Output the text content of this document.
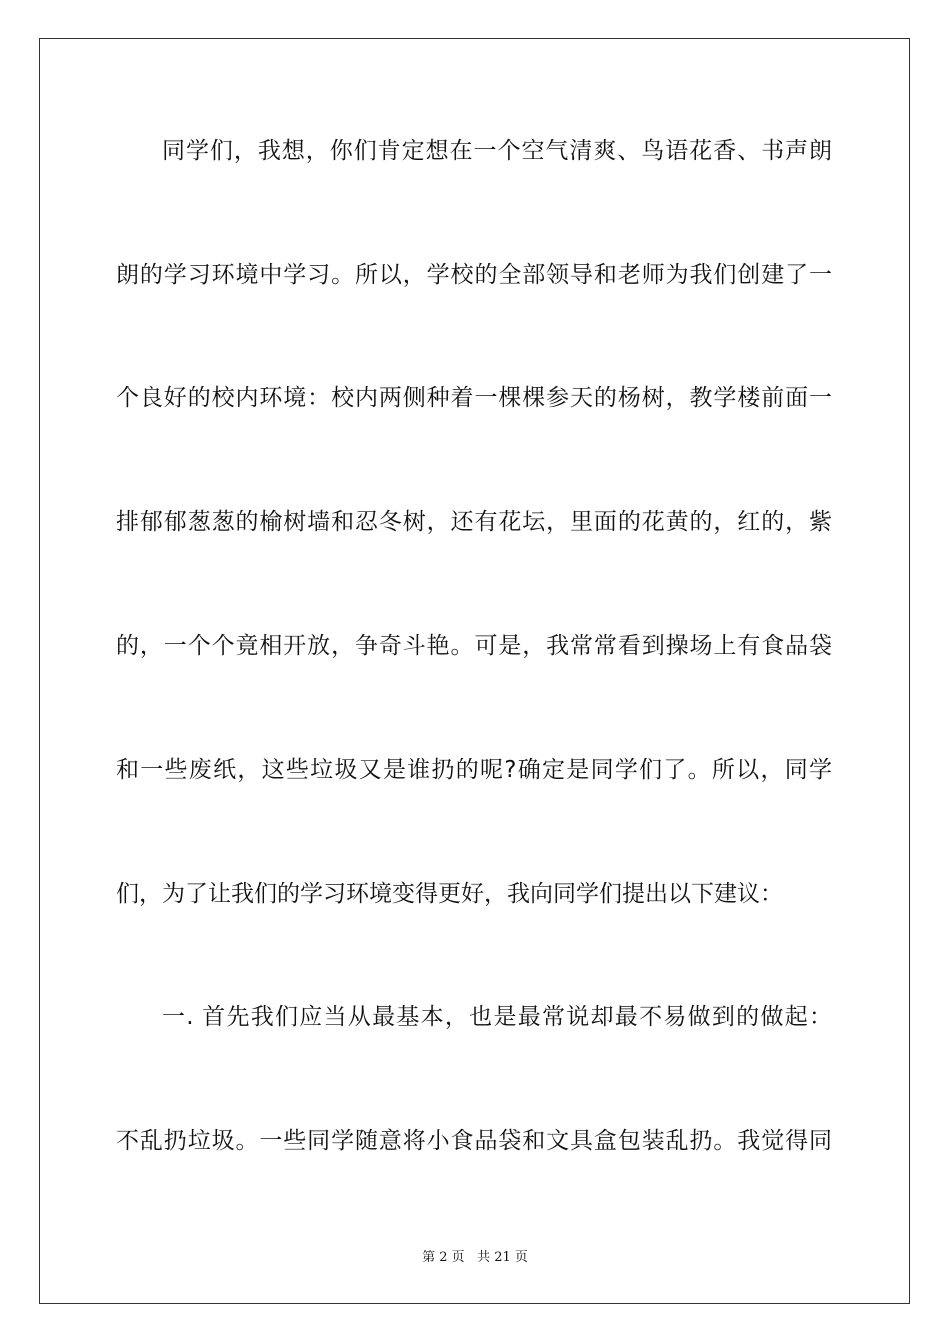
同学们，我想，你们肯定想在一个空气清爽、鸟语花香、书声朗
朗的学习环境中学习。所以，学校的全部领导和老师为我们创建了一
个良好的校内环境：校内两侧种着一棵棵参天的杨树，教学楼前面一
排郁郁葱葱的榆树墙和忍冬树，还有花坛，里面的花黄的，红的，紫
的，一个个竟相开放，争奇斗艳。可是，我常常看到操场上有食品袋
和一些废纸，这些垃圾又是谁扔的呢?确定是同学们了。所以，同学
们，为了让我们的学习环境变得更好，我向同学们提出以下建议：
一. 首先我们应当从最基本，也是最常说却最不易做到的做起：
不乱扔垃圾。一些同学随意将小食品袋和文具盒包装乱扔。我觉得同
第 2 页 共 21 页
